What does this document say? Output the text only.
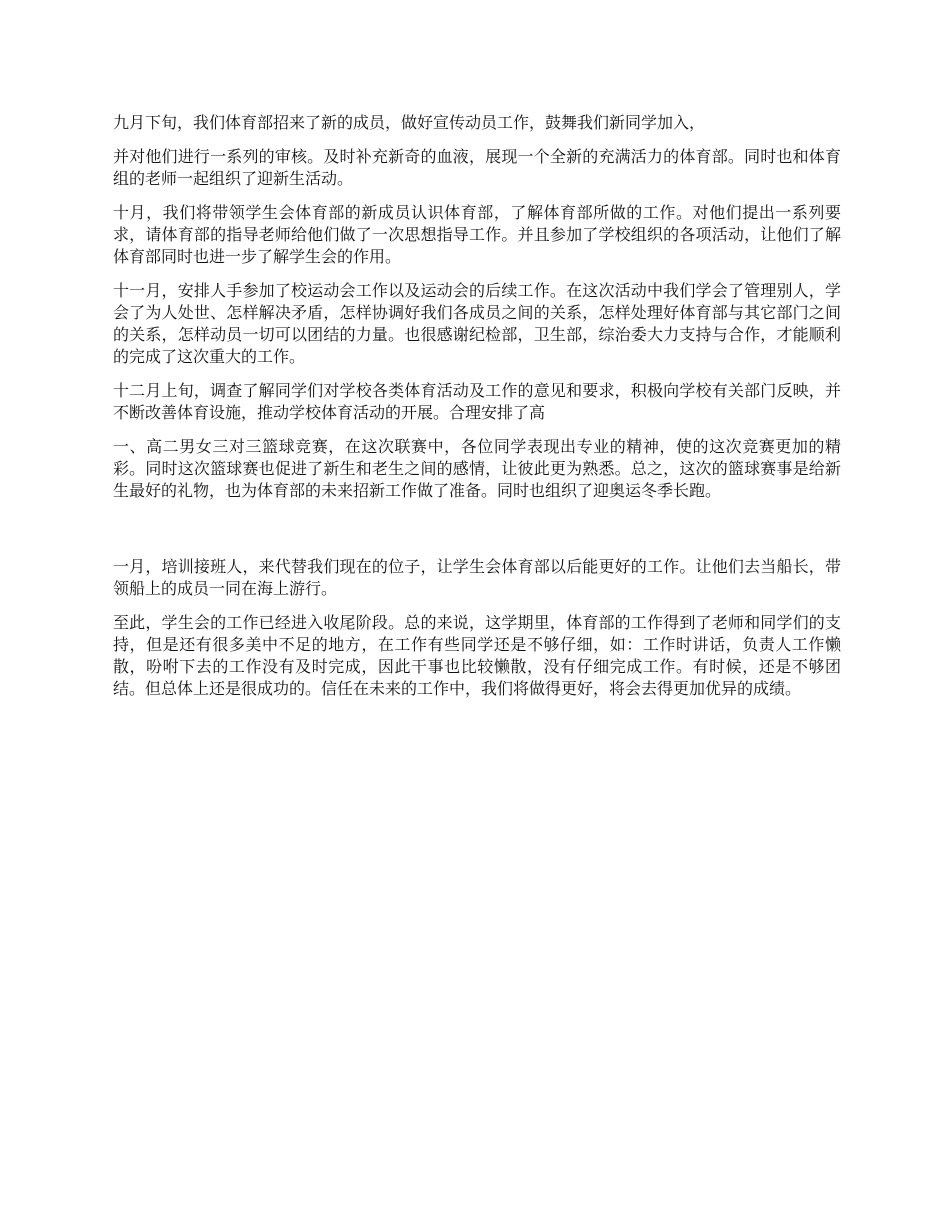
九月下旬，我们体育部招来了新的成员，做好宣传动员工作，鼓舞我们新同学加入，

并对他们进行一系列的审核。及时补充新奇的血液，展现一个全新的充满活力的体育部。同时也和体育组的老师一起组织了迎新生活动。

十月，我们将带领学生会体育部的新成员认识体育部，了解体育部所做的工作。对他们提出一系列要求，请体育部的指导老师给他们做了一次思想指导工作。并且参加了学校组织的各项活动，让他们了解体育部同时也进一步了解学生会的作用。

十一月，安排人手参加了校运动会工作以及运动会的后续工作。在这次活动中我们学会了管理别人，学会了为人处世、怎样解决矛盾，怎样协调好我们各成员之间的关系，怎样处理好体育部与其它部门之间的关系，怎样动员一切可以团结的力量。也很感谢纪检部，卫生部，综治委大力支持与合作，才能顺利的完成了这次重大的工作。

十二月上旬，调查了解同学们对学校各类体育活动及工作的意见和要求，积极向学校有关部门反映，并不断改善体育设施，推动学校体育活动的开展。合理安排了高

一、高二男女三对三篮球竞赛，在这次联赛中，各位同学表现出专业的精神，使的这次竞赛更加的精彩。同时这次篮球赛也促进了新生和老生之间的感情，让彼此更为熟悉。总之，这次的篮球赛事是给新生最好的礼物，也为体育部的未来招新工作做了准备。同时也组织了迎奥运冬季长跑。

一月，培训接班人，来代替我们现在的位子，让学生会体育部以后能更好的工作。让他们去当船长，带领船上的成员一同在海上游行。

至此，学生会的工作已经进入收尾阶段。总的来说，这学期里，体育部的工作得到了老师和同学们的支持，但是还有很多美中不足的地方，在工作有些同学还是不够仔细，如：工作时讲话，负责人工作懒散，吩咐下去的工作没有及时完成，因此干事也比较懒散，没有仔细完成工作。有时候，还是不够团结。但总体上还是很成功的。信任在未来的工作中，我们将做得更好，将会去得更加优异的成绩。
